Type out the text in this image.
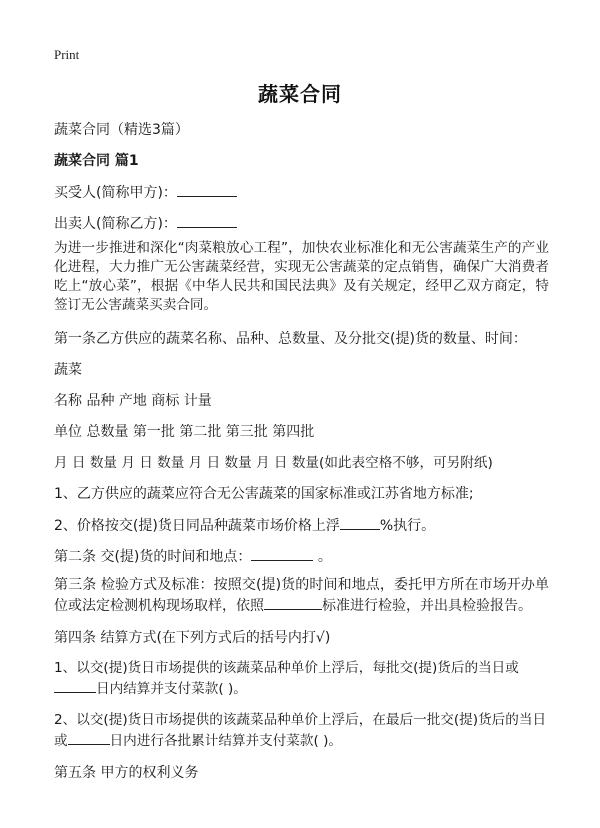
Print
蔬菜合同
蔬菜合同（精选3篇）
蔬菜合同 篇1
买受人(简称甲方)：
出卖人(简称乙方)：
为进一步推进和深化“肉菜粮放心工程”，加快农业标准化和无公害蔬菜生产的产业化进程，大力推广无公害蔬菜经营，实现无公害蔬菜的定点销售，确保广大消费者吃上“放心菜”，根据《中华人民共和国民法典》及有关规定，经甲乙双方商定，特签订无公害蔬菜买卖合同。
第一条乙方供应的蔬菜名称、品种、总数量、及分批交(提)货的数量、时间：
蔬菜
名称 品种 产地 商标 计量
单位 总数量 第一批 第二批 第三批 第四批
月 日 数量 月 日 数量 月 日 数量 月 日 数量(如此表空格不够，可另附纸)
1、乙方供应的蔬菜应符合无公害蔬菜的国家标准或江苏省地方标准;
2、价格按交(提)货日同品种蔬菜市场价格上浮	%执行。
第二条 交(提)货的时间和地点：	。
第三条 检验方式及标准：按照交(提)货的时间和地点，委托甲方所在市场开办单位或法定检测机构现场取样，依照	标准进行检验，并出具检验报告。
第四条 结算方式(在下列方式后的括号内打√)
1、以交(提)货日市场提供的该蔬菜品种单价上浮后，每批交(提)货后的当日或
日内结算并支付菜款( )。
2、以交(提)货日市场提供的该蔬菜品种单价上浮后，在最后一批交(提)货后的当日
或	日内进行各批累计结算并支付菜款( )。
第五条 甲方的权利义务
